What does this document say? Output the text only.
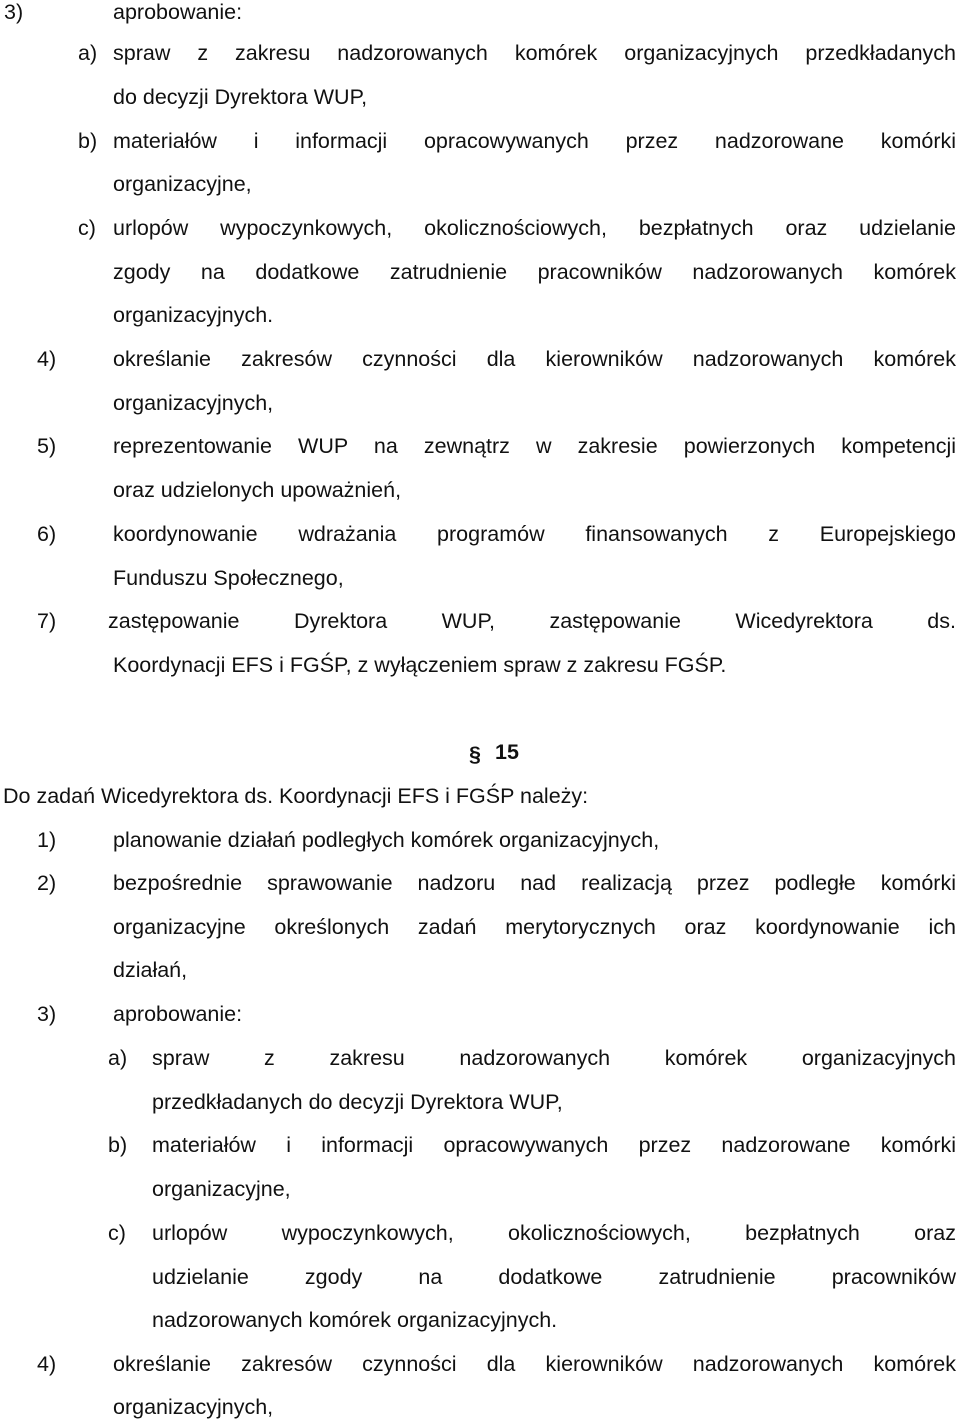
3)	aprobowanie:
a) spraw z zakresu nadzorowanych komórek organizacyjnych przedkładanych
do decyzji Dyrektora WUP,
b) materiałów i informacji opracowywanych przez nadzorowane komórki
organizacyjne,
c) urlopów wypoczynkowych, okolicznościowych, bezpłatnych oraz udzielanie
zgody na dodatkowe zatrudnienie pracowników nadzorowanych komórek
organizacyjnych.
4)	określanie zakresów czynności dla kierowników nadzorowanych komórek
organizacyjnych,
5)	reprezentowanie WUP na zewnątrz w zakresie powierzonych kompetencji
oraz udzielonych upoważnień,
6)	koordynowanie wdrażania programów finansowanych z Europejskiego
Funduszu Społecznego,
7) zastępowanie Dyrektora WUP, zastępowanie Wicedyrektora ds.
Koordynacji EFS i FGŚP, z wyłączeniem spraw z zakresu FGŚP.
§ 15
Do zadań Wicedyrektora ds. Koordynacji EFS i FGŚP należy:
1)	planowanie działań podległych komórek organizacyjnych,
2)	bezpośrednie sprawowanie nadzoru nad realizacją przez podległe komórki
organizacyjne określonych zadań merytorycznych oraz koordynowanie ich
działań,
3)	aprobowanie:
a) spraw z zakresu nadzorowanych komórek organizacyjnych
przedkładanych do decyzji Dyrektora WUP,
b) materiałów i informacji opracowywanych przez nadzorowane komórki
organizacyjne,
c) urlopów wypoczynkowych, okolicznościowych, bezpłatnych oraz
udzielanie zgody na dodatkowe zatrudnienie pracowników
nadzorowanych komórek organizacyjnych.
4)	określanie zakresów czynności dla kierowników nadzorowanych komórek
organizacyjnych,
